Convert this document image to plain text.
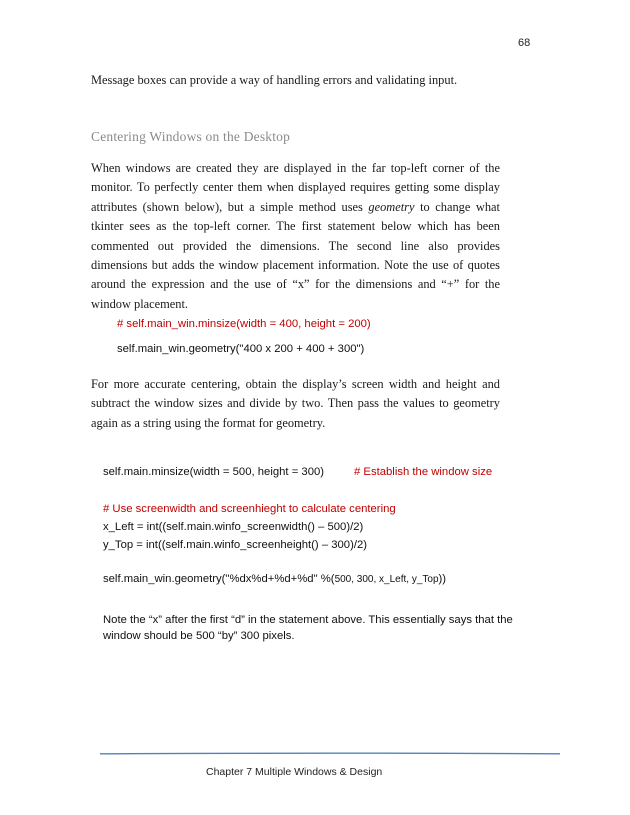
68
Message boxes can provide a way of handling errors and validating input.
Centering Windows on the Desktop
When windows are created they are displayed in the far top-left corner of the monitor. To perfectly center them when displayed requires getting some display attributes (shown below), but a simple method uses geometry to change what tkinter sees as the top-left corner. The first statement below which has been commented out provided the dimensions. The second line also provides dimensions but adds the window placement information. Note the use of quotes around the expression and the use of “x” for the dimensions and “+” for the window placement.
# self.main_win.minsize(width = 400, height = 200)
self.main_win.geometry("400 x 200 + 400 + 300")
For more accurate centering, obtain the display’s screen width and height and subtract the window sizes and divide by two. Then pass the values to geometry again as a string using the format for geometry.
self.main.minsize(width = 500, height = 300)	# Establish the window size
# Use screenwidth and screenhieght to calculate centering
x_Left = int((self.main.winfo_screenwidth() – 500)/2)
y_Top = int((self.main.winfo_screenheight() – 300)/2)
self.main_win.geometry("%dx%d+%d+%d" %(500, 300, x_Left, y_Top))
Note the “x” after the first “d” in the statement above. This essentially says that the window should be 500 “by” 300 pixels.
Chapter 7 Multiple Windows & Design
